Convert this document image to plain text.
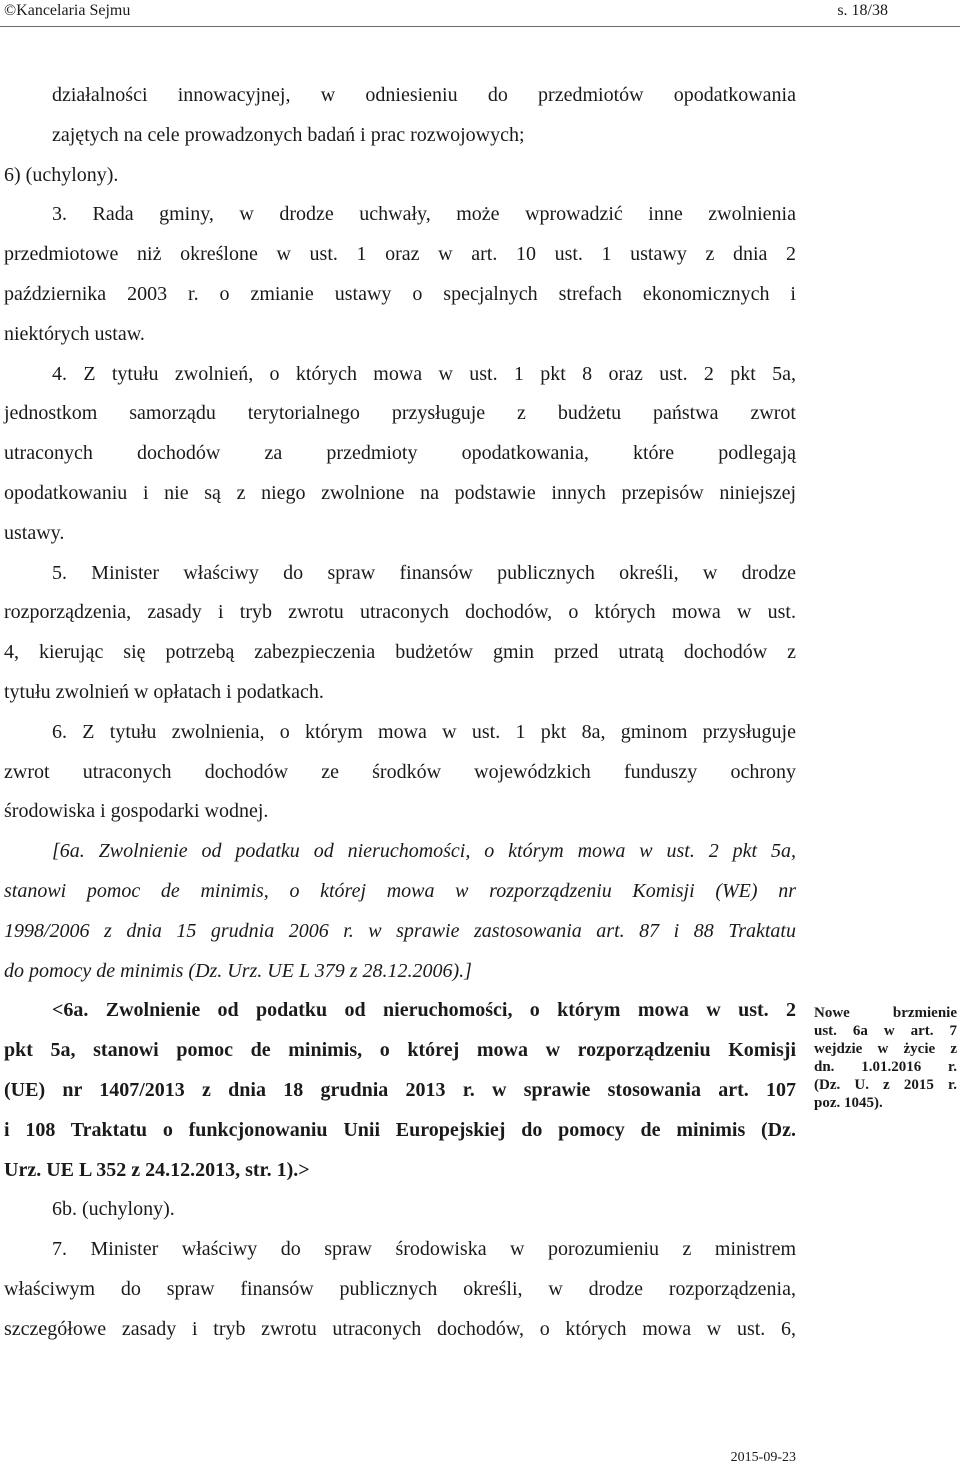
©Kancelaria Sejmu	s. 18/38
działalności innowacyjnej, w odniesieniu do przedmiotów opodatkowania
zajętych na cele prowadzonych badań i prac rozwojowych;
6) (uchylony).
3. Rada gminy, w drodze uchwały, może wprowadzić inne zwolnienia
przedmiotowe niż określone w ust. 1 oraz w art. 10 ust. 1 ustawy z dnia 2
października 2003 r. o zmianie ustawy o specjalnych strefach ekonomicznych i
niektórych ustaw.
4. Z tytułu zwolnień, o których mowa w ust. 1 pkt 8 oraz ust. 2 pkt 5a,
jednostkom samorządu terytorialnego przysługuje z budżetu państwa zwrot
utraconych dochodów za przedmioty opodatkowania, które podlegają
opodatkowaniu i nie są z niego zwolnione na podstawie innych przepisów niniejszej
ustawy.
5. Minister właściwy do spraw finansów publicznych określi, w drodze
rozporządzenia, zasady i tryb zwrotu utraconych dochodów, o których mowa w ust.
4, kierując się potrzebą zabezpieczenia budżetów gmin przed utratą dochodów z
tytułu zwolnień w opłatach i podatkach.
6. Z tytułu zwolnienia, o którym mowa w ust. 1 pkt 8a, gminom przysługuje
zwrot utraconych dochodów ze środków wojewódzkich funduszy ochrony
środowiska i gospodarki wodnej.
[6a. Zwolnienie od podatku od nieruchomości, o którym mowa w ust. 2 pkt 5a,
stanowi pomoc de minimis, o której mowa w rozporządzeniu Komisji (WE) nr
1998/2006 z dnia 15 grudnia 2006 r. w sprawie zastosowania art. 87 i 88 Traktatu
do pomocy de minimis (Dz. Urz. UE L 379 z 28.12.2006).]
<6a. Zwolnienie od podatku od nieruchomości, o którym mowa w ust. 2
pkt 5a, stanowi pomoc de minimis, o której mowa w rozporządzeniu Komisji
(UE) nr 1407/2013 z dnia 18 grudnia 2013 r. w sprawie stosowania art. 107
i 108 Traktatu o funkcjonowaniu Unii Europejskiej do pomocy de minimis (Dz.
Urz. UE L 352 z 24.12.2013, str. 1).>
6b. (uchylony).
7. Minister właściwy do spraw środowiska w porozumieniu z ministrem
właściwym do spraw finansów publicznych określi, w drodze rozporządzenia,
szczegółowe zasady i tryb zwrotu utraconych dochodów, o których mowa w ust. 6,
Nowe brzmienie
ust. 6a w art. 7
wejdzie w życie z
dn. 1.01.2016 r.
(Dz. U. z 2015 r.
poz. 1045).
2015-09-23
